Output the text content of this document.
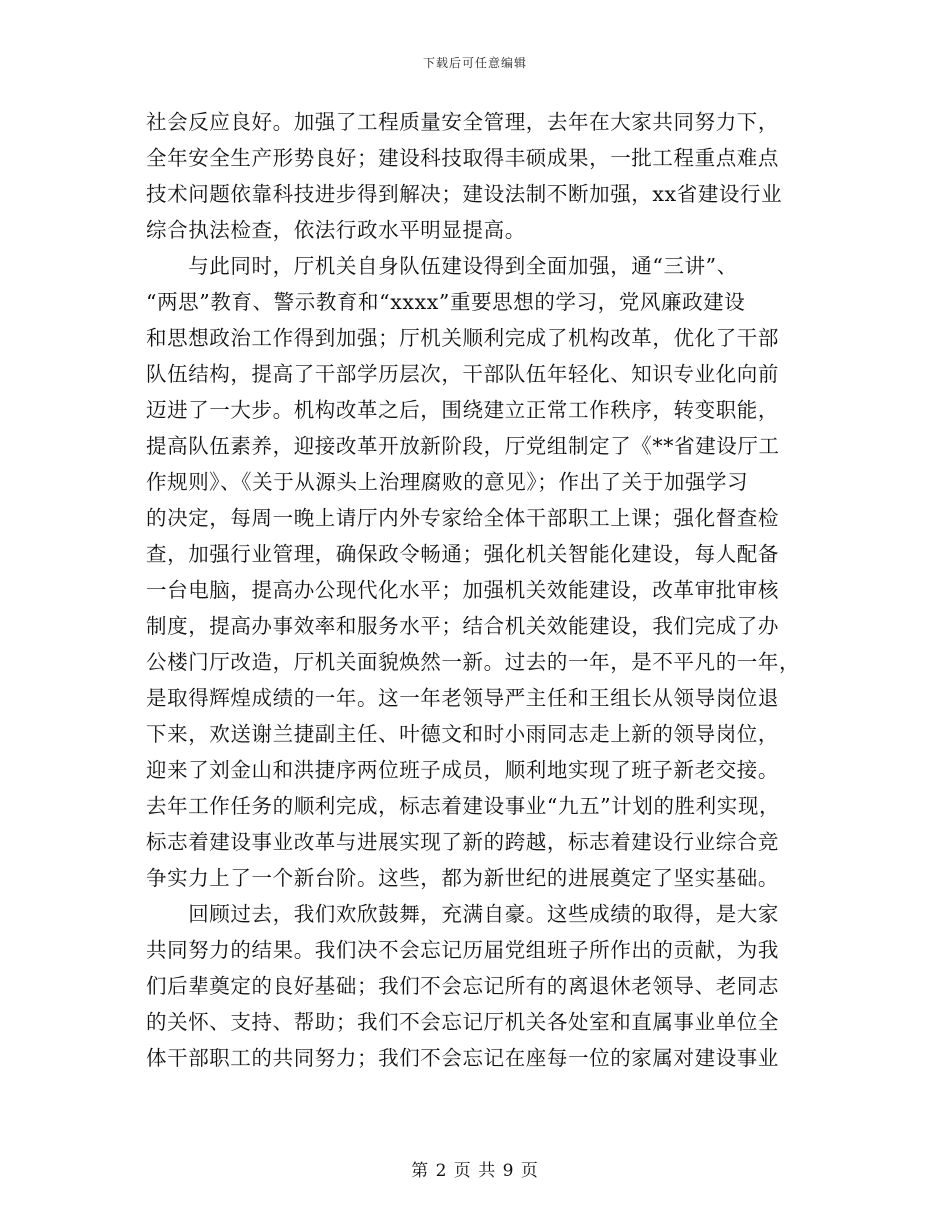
下载后可任意编辑
社会反应良好。加强了工程质量安全管理，去年在大家共同努力下，
全年安全生产形势良好；建设科技取得丰硕成果，一批工程重点难点
技术问题依靠科技进步得到解决；建设法制不断加强，xx省建设行业
综合执法检查，依法行政水平明显提高。
　　与此同时，厅机关自身队伍建设得到全面加强，通“三讲”、
“两思”教育、警示教育和“xxxx”重要思想的学习，党风廉政建设
和思想政治工作得到加强；厅机关顺利完成了机构改革，优化了干部
队伍结构，提高了干部学历层次，干部队伍年轻化、知识专业化向前
迈进了一大步。机构改革之后，围绕建立正常工作秩序，转变职能，
提高队伍素养，迎接改革开放新阶段，厅党组制定了《**省建设厅工
作规则》、《关于从源头上治理腐败的意见》；作出了关于加强学习
的决定，每周一晚上请厅内外专家给全体干部职工上课；强化督查检
查，加强行业管理，确保政令畅通；强化机关智能化建设，每人配备
一台电脑，提高办公现代化水平；加强机关效能建设，改革审批审核
制度，提高办事效率和服务水平；结合机关效能建设，我们完成了办
公楼门厅改造，厅机关面貌焕然一新。过去的一年，是不平凡的一年，
是取得辉煌成绩的一年。这一年老领导严主任和王组长从领导岗位退
下来，欢送谢兰捷副主任、叶德文和时小雨同志走上新的领导岗位，
迎来了刘金山和洪捷序两位班子成员，顺利地实现了班子新老交接。
去年工作任务的顺利完成，标志着建设事业“九五”计划的胜利实现，
标志着建设事业改革与进展实现了新的跨越，标志着建设行业综合竞
争实力上了一个新台阶。这些，都为新世纪的进展奠定了坚实基础。
　　回顾过去，我们欢欣鼓舞，充满自豪。这些成绩的取得，是大家
共同努力的结果。我们决不会忘记历届党组班子所作出的贡献，为我
们后辈奠定的良好基础；我们不会忘记所有的离退休老领导、老同志
的关怀、支持、帮助；我们不会忘记厅机关各处室和直属事业单位全
体干部职工的共同努力；我们不会忘记在座每一位的家属对建设事业
第 2 页 共 9 页
